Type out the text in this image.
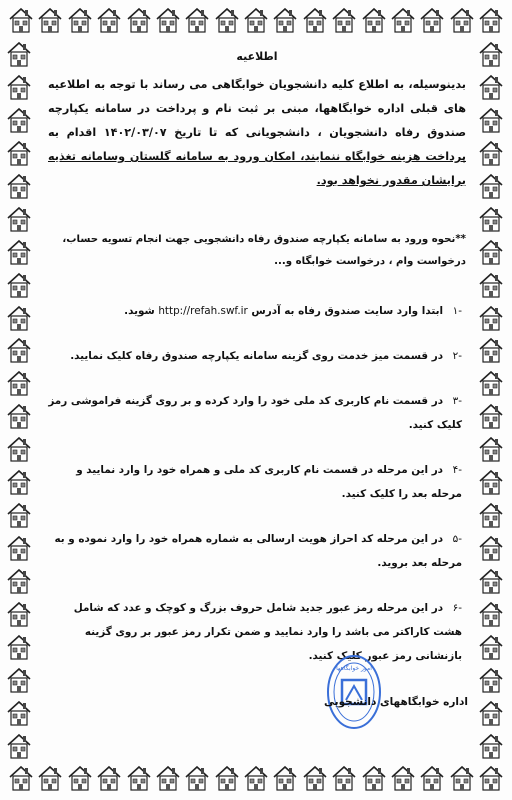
اطلاعیه

بدینوسیله، به اطلاع کلیه دانشجویان خوابگاهی می رساند با توجه به اطلاعیه های قبلی اداره خوابگاهها، مبنی بر ثبت نام و پرداخت در سامانه یکپارچه صندوق رفاه دانشجویان ، دانشجویانی که تا تاریخ ۱۴۰۲/۰۳/۰۷ اقدام به پرداخت هزینه خوابگاه ننمایند، امکان ورود به سامانه گلستان وسامانه تغذیه برایشان مقدور نخواهد بود.

**نحوه ورود به سامانه یکپارچه صندوق رفاه دانشجویی جهت انجام تسویه حساب، درخواست وام ، درخواست خوابگاه و...
-۱ ابتدا وارد سایت صندوق رفاه به آدرس http://refah.swf.ir شوید.
-۲ در قسمت میز خدمت روی گزینه سامانه یکپارچه صندوق رفاه کلیک نمایید.
-۳ در قسمت نام کاربری کد ملی خود را وارد کرده و بر روی گزینه فراموشی رمز کلیک کنید.
-۴ در این مرحله در قسمت نام کاربری کد ملی و همراه خود را وارد نمایید و مرحله بعد را کلیک کنید.
-۵ در این مرحله کد احراز هویت ارسالی به شماره همراه خود را وارد نموده و به مرحله بعد بروید.
-۶ در این مرحله رمز عبور جدید شامل حروف بزرگ و کوچک و عدد که شامل هشت کاراکتر می باشد را وارد نمایید و ضمن تکرار رمز عبور بر روی گزینه بازنشانی رمز عبور کلیک کنید.
امور خوابگاهها
اداره خوابگاههای دانشجویی
